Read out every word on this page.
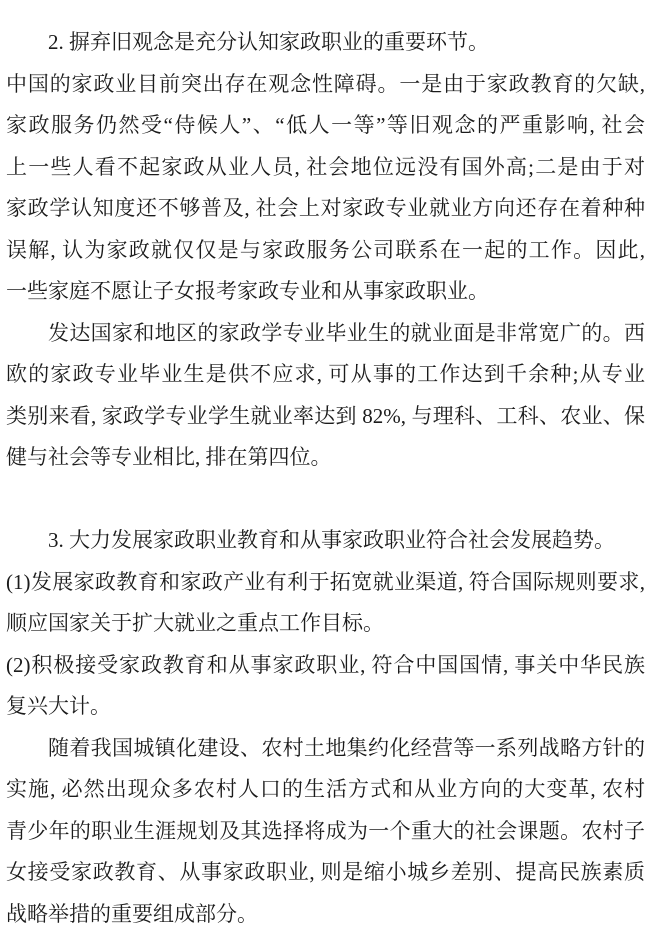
2. 摒弃旧观念是充分认知家政职业的重要环节。
中国的家政业目前突出存在观念性障碍。一是由于家政教育的欠缺,
家政服务仍然受“侍候人”、“低人一等”等旧观念的严重影响, 社会
上一些人看不起家政从业人员, 社会地位远没有国外高;二是由于对
家政学认知度还不够普及, 社会上对家政专业就业方向还存在着种种
误解, 认为家政就仅仅是与家政服务公司联系在一起的工作。因此,
一些家庭不愿让子女报考家政专业和从事家政职业。
发达国家和地区的家政学专业毕业生的就业面是非常宽广的。西
欧的家政专业毕业生是供不应求, 可从事的工作达到千余种;从专业
类别来看, 家政学专业学生就业率达到 82%, 与理科、工科、农业、保
健与社会等专业相比, 排在第四位。
3. 大力发展家政职业教育和从事家政职业符合社会发展趋势。
(1)发展家政教育和家政产业有利于拓宽就业渠道, 符合国际规则要求,
顺应国家关于扩大就业之重点工作目标。
(2)积极接受家政教育和从事家政职业, 符合中国国情, 事关中华民族
复兴大计。
随着我国城镇化建设、农村土地集约化经营等一系列战略方针的
实施, 必然出现众多农村人口的生活方式和从业方向的大变革, 农村
青少年的职业生涯规划及其选择将成为一个重大的社会课题。农村子
女接受家政教育、从事家政职业, 则是缩小城乡差别、提高民族素质
战略举措的重要组成部分。
